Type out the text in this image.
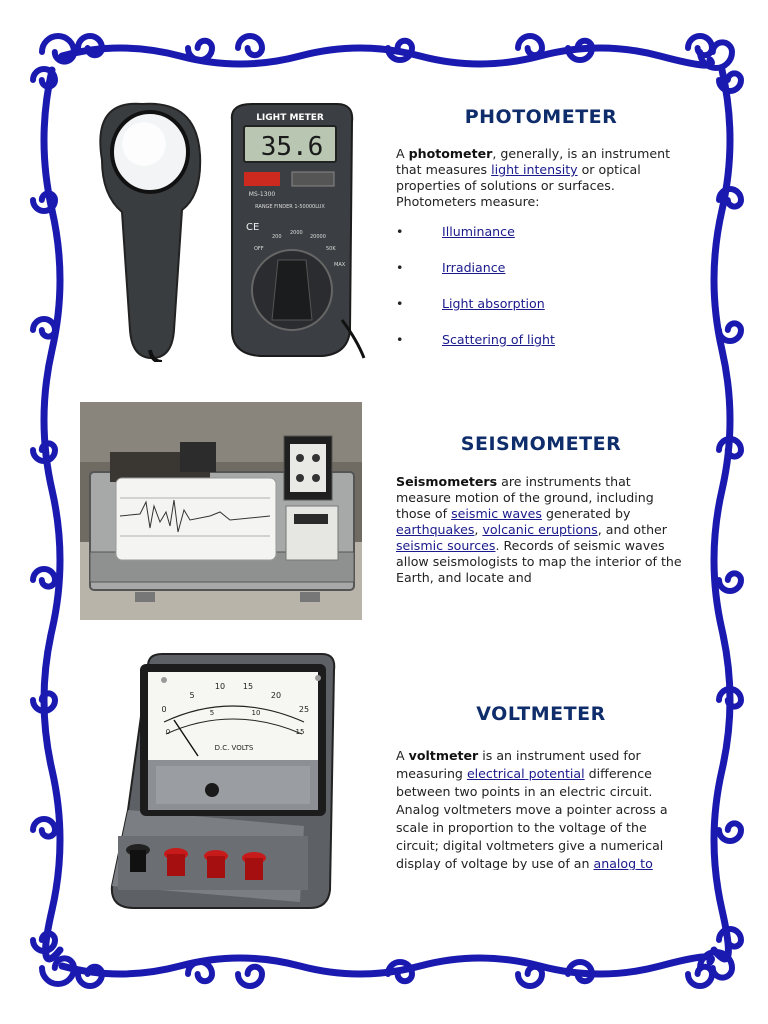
LIGHT METER
35.6
MS-1300
RANGE FINDER 1-50000LUX
CE
OFF
200
2000
20000
50K
MAX
PHOTOMETER
A photometer, generally, is an instrument that measures light intensity or optical properties of solutions or surfaces. Photometers measure:
•	Illuminance
•	Irradiance
•	Light absorption
•	Scattering of light
SEISMOMETER
Seismometers are instruments that measure motion of the ground, including those of seismic waves generated by earthquakes, volcanic eruptions, and other seismic sources. Records of seismic waves allow seismologists to map the interior of the Earth, and locate and
0
5
10 15
20
25
0
5	10
15
D.C. VOLTS
VOLTMETER
A voltmeter is an instrument used for measuring electrical potential difference between two points in an electric circuit. Analog voltmeters move a pointer across a scale in proportion to the voltage of the circuit; digital voltmeters give a numerical display of voltage by use of an analog to
